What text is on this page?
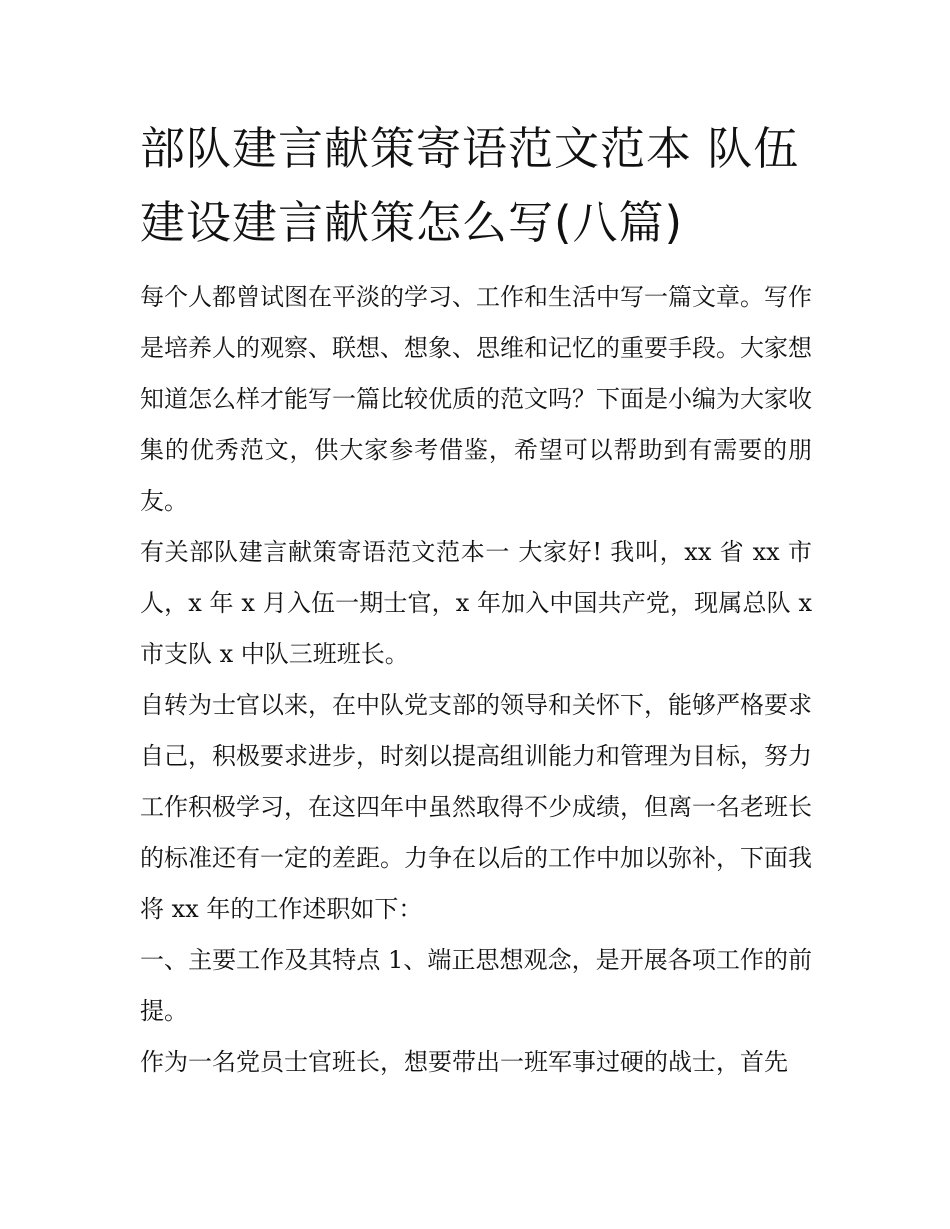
部队建言献策寄语范文范本 队伍建设建言献策怎么写(八篇)

每个人都曾试图在平淡的学习、工作和生活中写一篇文章。写作是培养人的观察、联想、想象、思维和记忆的重要手段。大家想知道怎么样才能写一篇比较优质的范文吗？下面是小编为大家收集的优秀范文，供大家参考借鉴，希望可以帮助到有需要的朋友。

有关部队建言献策寄语范文范本一 大家好! 我叫，xx 省 xx 市人，x 年 x 月入伍一期士官，x 年加入中国共产党，现属总队 x 市支队 x 中队三班班长。

自转为士官以来，在中队党支部的领导和关怀下，能够严格要求自己，积极要求进步，时刻以提高组训能力和管理为目标，努力工作积极学习，在这四年中虽然取得不少成绩，但离一名老班长的标准还有一定的差距。力争在以后的工作中加以弥补，下面我将 xx 年的工作述职如下：

一、主要工作及其特点 1、端正思想观念，是开展各项工作的前提。

作为一名党员士官班长，想要带出一班军事过硬的战士，首先
